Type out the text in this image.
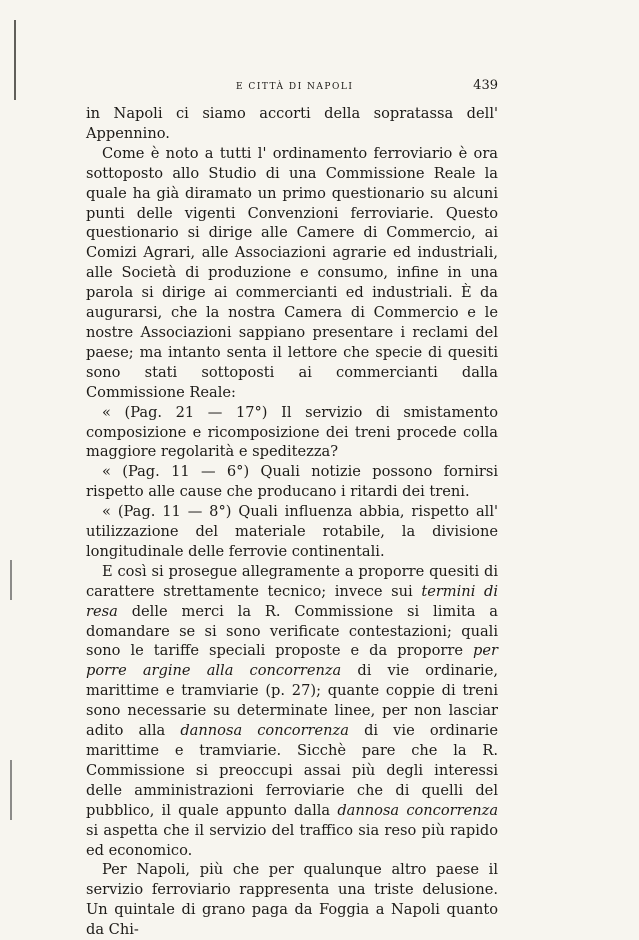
E CITTÀ DI NAPOLI	439

in Napoli ci siamo accorti della sopratassa dell' Appennino.

Come è noto a tutti l' ordinamento ferroviario è ora sottoposto allo Studio di una Commissione Reale la quale ha già diramato un primo questionario su alcuni punti delle vigenti Convenzioni ferroviarie. Questo questionario si dirige alle Camere di Commercio, ai Comizi Agrari, alle Associazioni agrarie ed industriali, alle Società di produzione e consumo, infine in una parola si dirige ai commercianti ed industriali. È da augurarsi, che la nostra Camera di Commercio e le nostre Associazioni sappiano presentare i reclami del paese; ma intanto senta il lettore che specie di quesiti sono stati sottoposti ai commercianti dalla Commissione Reale:

« (Pag. 21 — 17°) Il servizio di smistamento composizione e ricomposizione dei treni procede colla maggiore regolarità e speditezza?

« (Pag. 11 — 6°) Quali notizie possono fornirsi rispetto alle cause che producano i ritardi dei treni.

« (Pag. 11 — 8°) Quali influenza abbia, rispetto all' utilizzazione del materiale rotabile, la divisione longitudinale delle ferrovie continentali.

E così si prosegue allegramente a proporre quesiti di carattere strettamente tecnico; invece sui termini di resa delle merci la R. Commissione si limita a domandare se si sono verificate contestazioni; quali sono le tariffe speciali proposte e da proporre per porre argine alla concorrenza di vie ordinarie, marittime e tramviarie (p. 27); quante coppie di treni sono necessarie su determinate linee, per non lasciar adito alla dannosa concorrenza di vie ordinarie marittime e tramviarie. Sicchè pare che la R. Commissione si preoccupi assai più degli interessi delle amministrazioni ferroviarie che di quelli del pubblico, il quale appunto dalla dannosa concorrenza si aspetta che il servizio del traffico sia reso più rapido ed economico.

Per Napoli, più che per qualunque altro paese il servizio ferroviario rappresenta una triste delusione. Un quintale di grano paga da Foggia a Napoli quanto da Chi-
